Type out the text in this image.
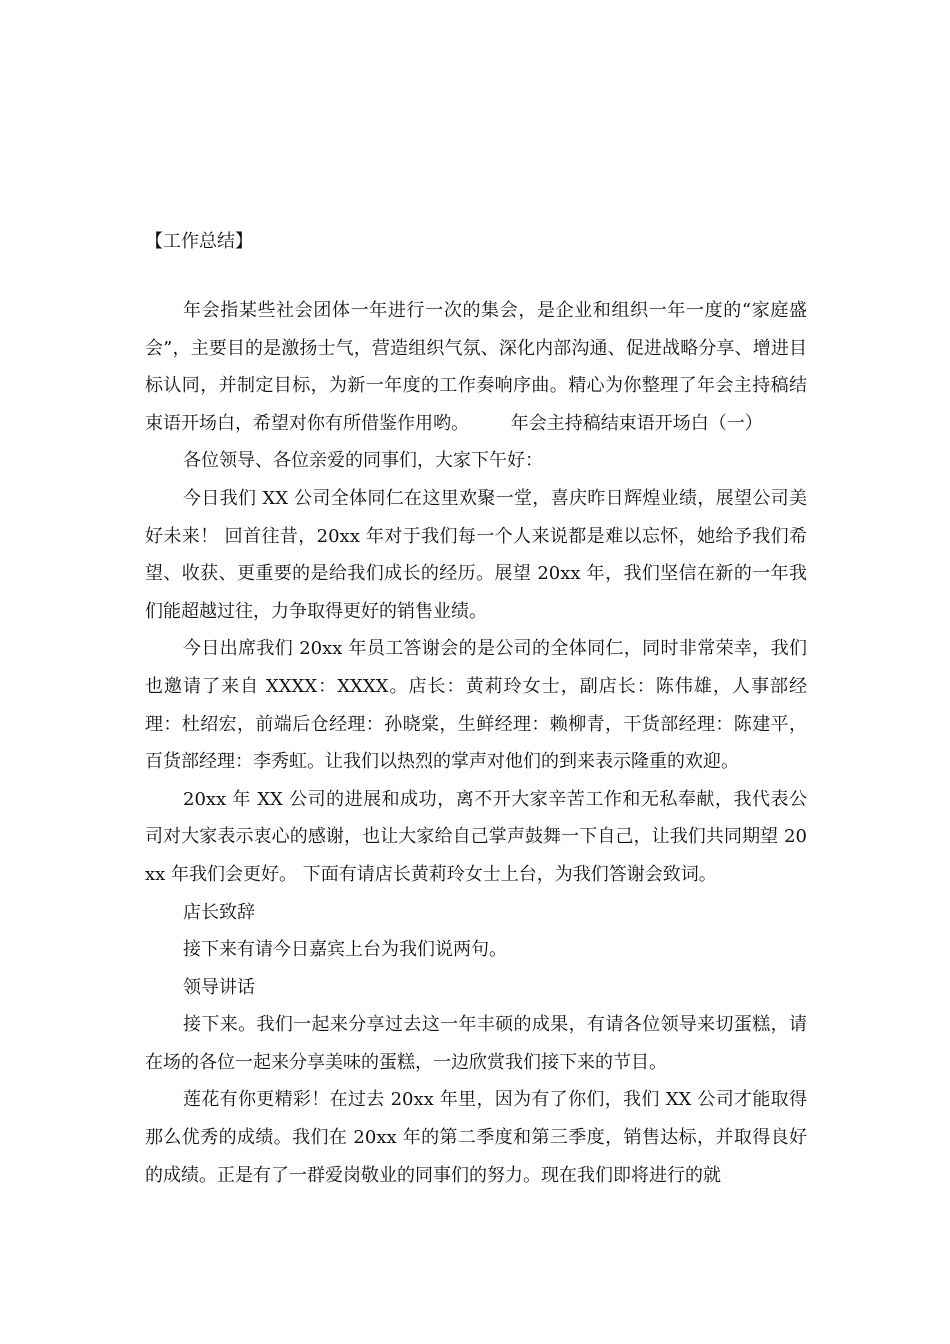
【工作总结】

年会指某些社会团体一年进行一次的集会，是企业和组织一年一度的“家庭盛会”，主要目的是激扬士气，营造组织气氛、深化内部沟通、促进战略分享、增进目标认同，并制定目标，为新一年度的工作奏响序曲。精心为你整理了年会主持稿结束语开场白，希望对你有所借鉴作用哟。 　　年会主持稿结束语开场白（一）

各位领导、各位亲爱的同事们，大家下午好：

今日我们 XX 公司全体同仁在这里欢聚一堂，喜庆昨日辉煌业绩，展望公司美好未来！ 回首往昔，20xx 年对于我们每一个人来说都是难以忘怀，她给予我们希望、收获、更重要的是给我们成长的经历。展望 20xx 年，我们坚信在新的一年我们能超越过往，力争取得更好的销售业绩。

今日出席我们 20xx 年员工答谢会的是公司的全体同仁，同时非常荣幸，我们也邀请了来自 XXXX：XXXX。店长：黄莉玲女士，副店长：陈伟雄，人事部经理：杜绍宏，前端后仓经理：孙晓棠，生鲜经理：赖柳青，干货部经理：陈建平，百货部经理：李秀虹。让我们以热烈的掌声对他们的到来表示隆重的欢迎。

20xx 年 XX 公司的进展和成功，离不开大家辛苦工作和无私奉献，我代表公司对大家表示衷心的感谢，也让大家给自己掌声鼓舞一下自己，让我们共同期望 20xx 年我们会更好。 下面有请店长黄莉玲女士上台，为我们答谢会致词。

店长致辞

接下来有请今日嘉宾上台为我们说两句。

领导讲话

接下来。我们一起来分享过去这一年丰硕的成果，有请各位领导来切蛋糕，请在场的各位一起来分享美味的蛋糕，一边欣赏我们接下来的节目。

莲花有你更精彩！在过去 20xx 年里，因为有了你们，我们 XX 公司才能取得那么优秀的成绩。我们在 20xx 年的第二季度和第三季度，销售达标，并取得良好的成绩。正是有了一群爱岗敬业的同事们的努力。现在我们即将进行的就
